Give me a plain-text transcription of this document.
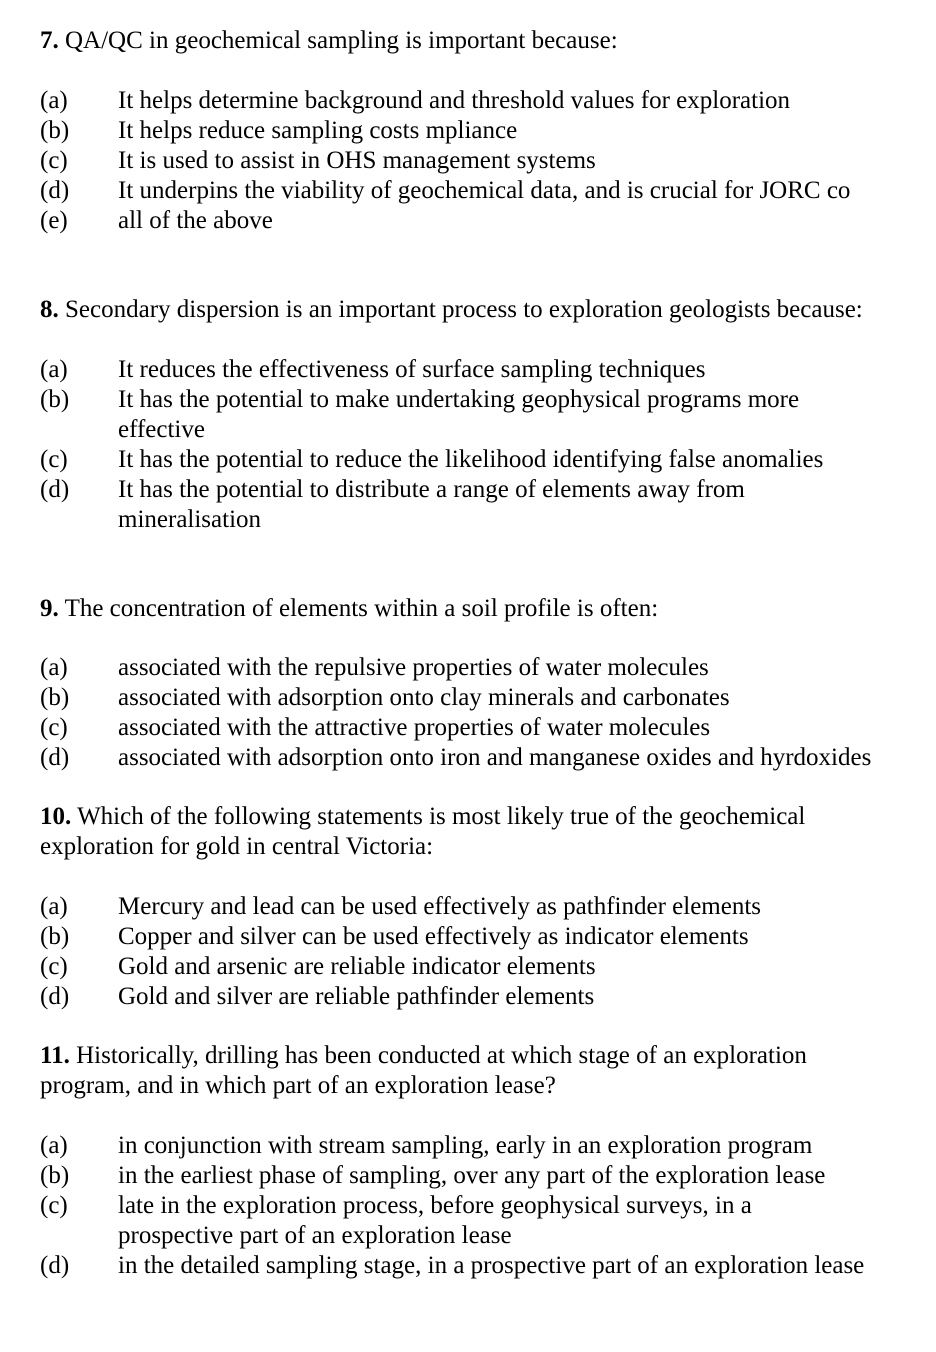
7. QA/QC in geochemical sampling is important because:
(a) It helps determine background and threshold values for exploration
(b) It helps reduce sampling costs mpliance
(c) It is used to assist in OHS management systems
(d) It underpins the viability of geochemical data, and is crucial for JORC co
(e) all of the above
8. Secondary dispersion is an important process to exploration geologists because:
(a) It reduces the effectiveness of surface sampling techniques
(b) It has the potential to make undertaking geophysical programs more
effective
(c) It has the potential to reduce the likelihood identifying false anomalies
(d) It has the potential to distribute a range of elements away from
mineralisation
9. The concentration of elements within a soil profile is often:
(a) associated with the repulsive properties of water molecules
(b) associated with adsorption onto clay minerals and carbonates
(c) associated with the attractive properties of water molecules
(d) associated with adsorption onto iron and manganese oxides and hyrdoxides
10. Which of the following statements is most likely true of the geochemical
exploration for gold in central Victoria:
(a) Mercury and lead can be used effectively as pathfinder elements
(b) Copper and silver can be used effectively as indicator elements
(c) Gold and arsenic are reliable indicator elements
(d) Gold and silver are reliable pathfinder elements
11. Historically, drilling has been conducted at which stage of an exploration
program, and in which part of an exploration lease?
(a) in conjunction with stream sampling, early in an exploration program
(b) in the earliest phase of sampling, over any part of the exploration lease
(c) late in the exploration process, before geophysical surveys, in a
prospective part of an exploration lease
(d) in the detailed sampling stage, in a prospective part of an exploration lease
